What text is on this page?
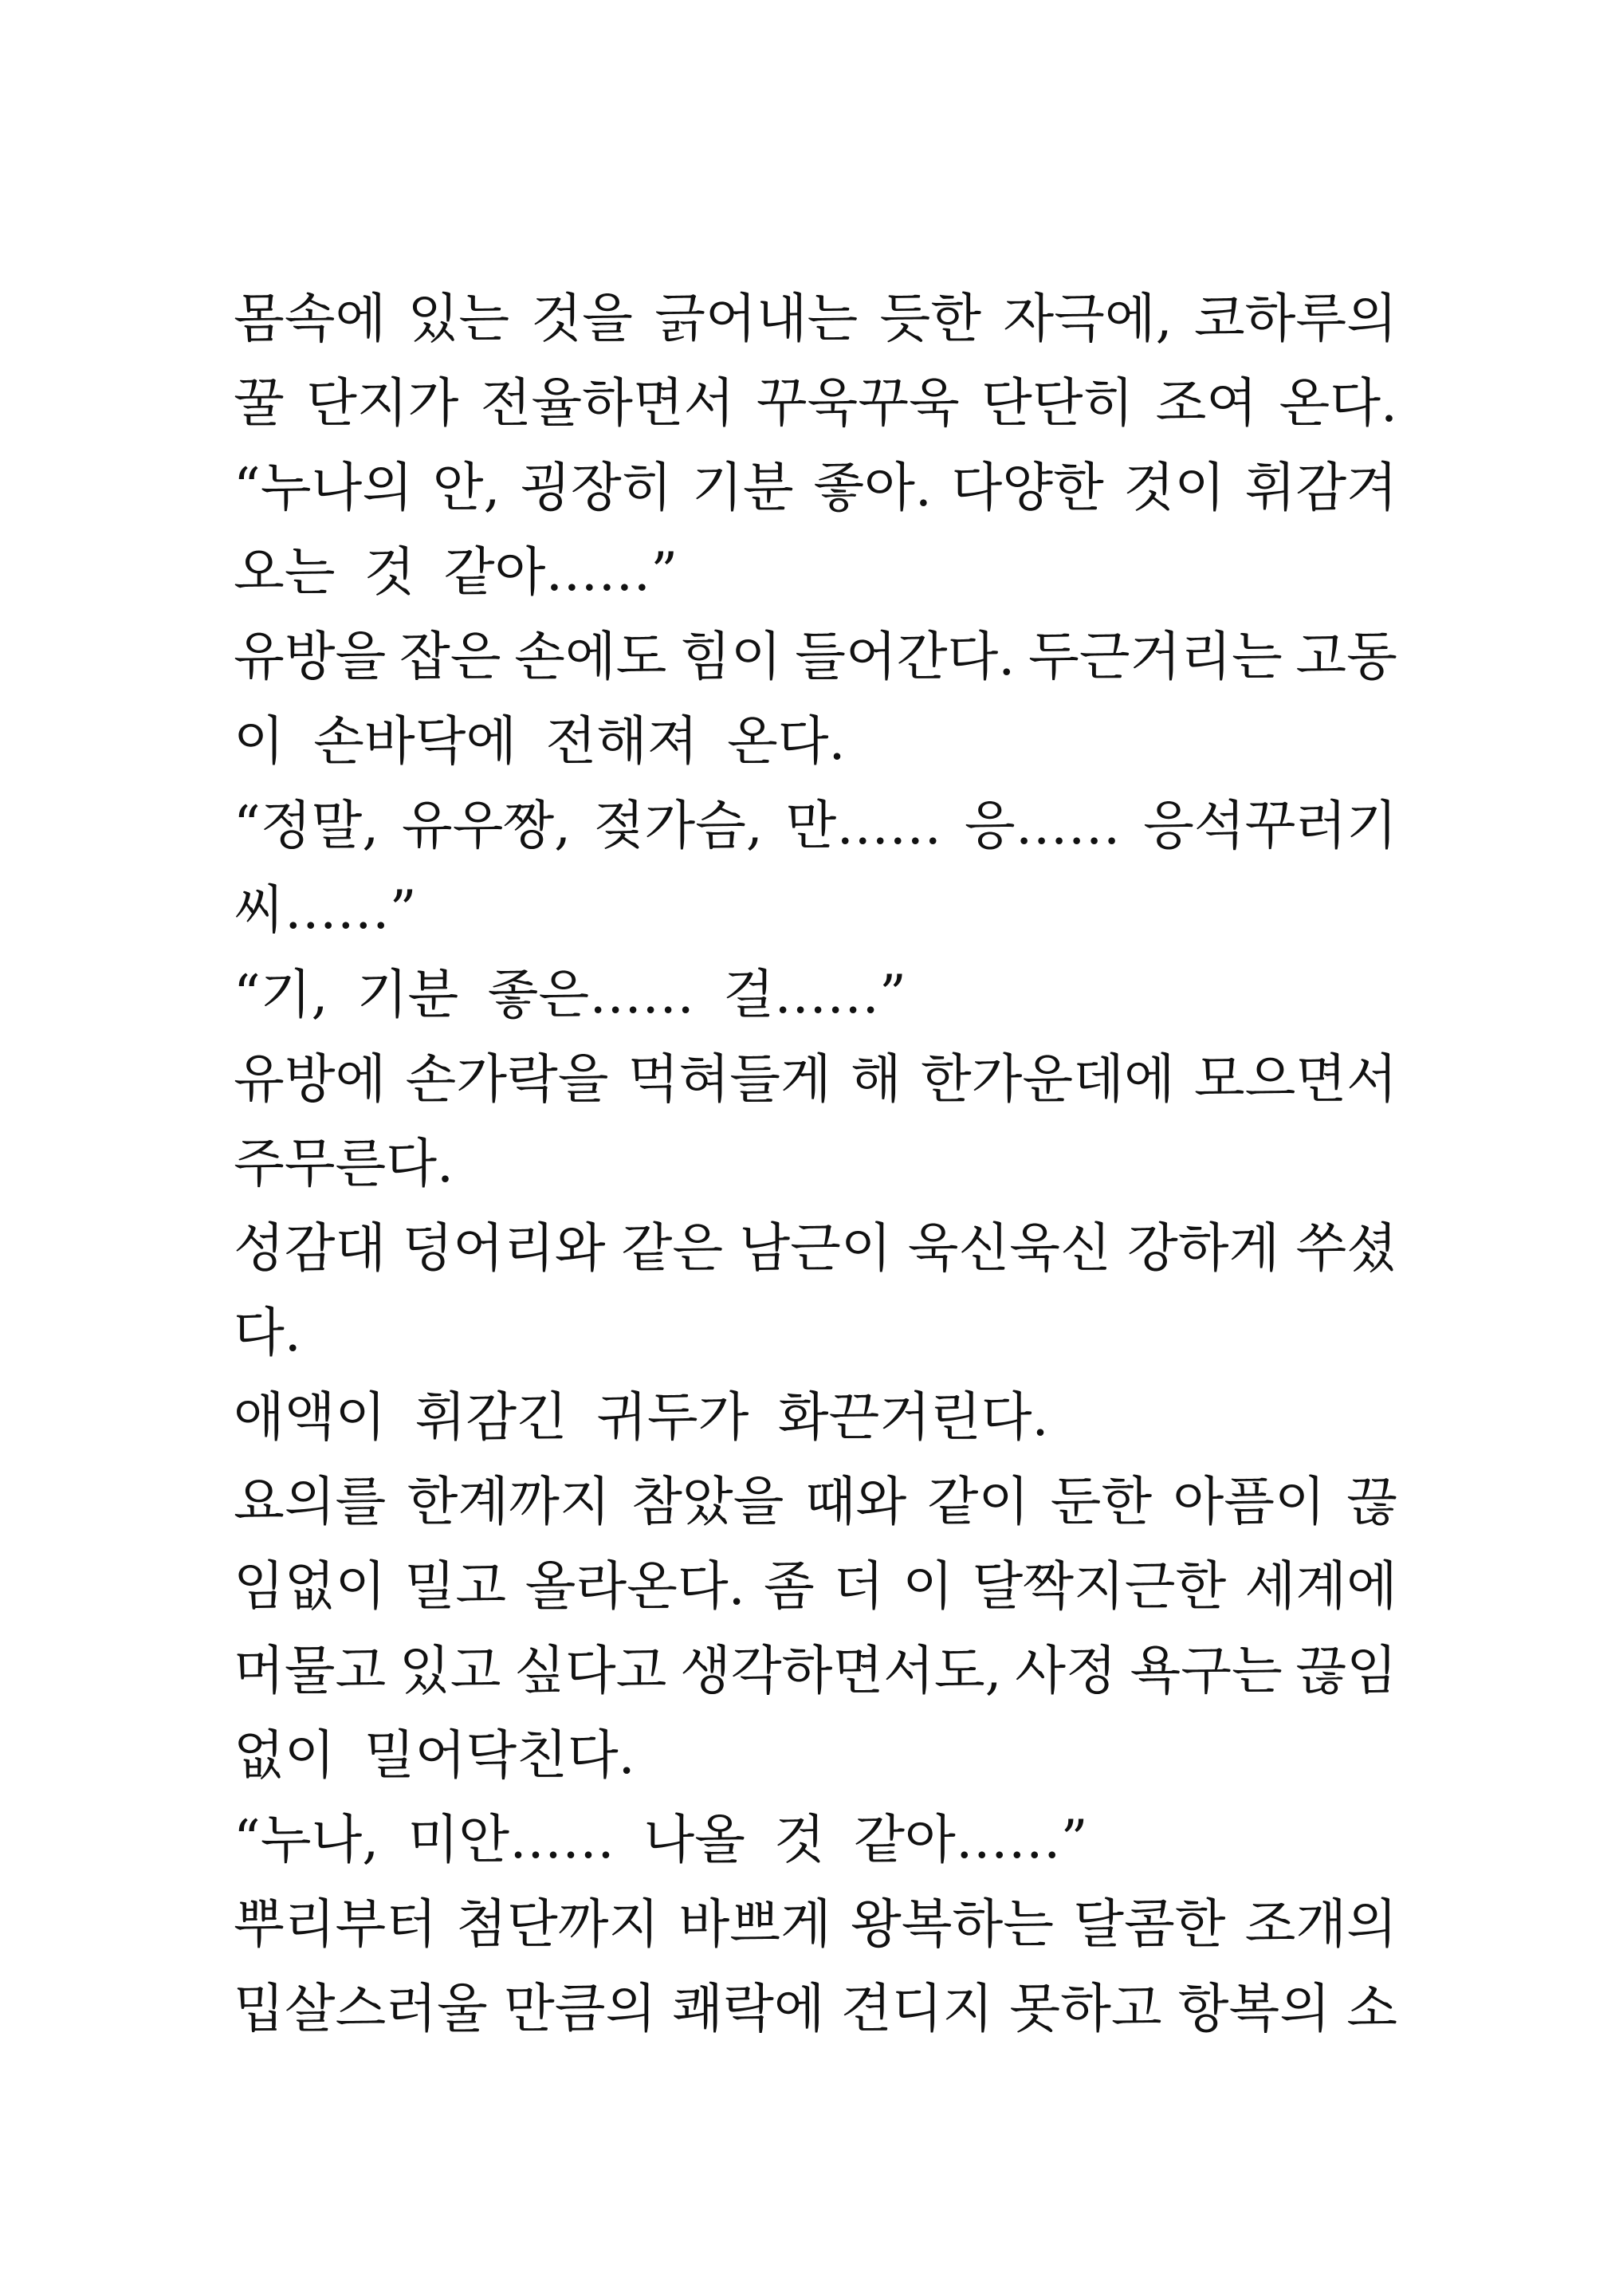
몸속에 있는 것을 긁어내는 듯한 자극에, 코하루의
꿀 단지가 전율하면서 꾸욱꾸욱 단단히 조여 온다.
“누나의 안, 굉장히 기분 좋아. 다양한 것이 휘감겨
오는 것 같아……”
유방을 잡은 손에도 힘이 들어간다. 두근거리는 고동
이 손바닥에 전해져 온다.
“정말, 유우짱, 젖가슴, 만…… 응…… 응석꾸러기
씨……”
“기, 기분 좋은…… 걸……”
유방에 손가락을 먹혀들게 해 한가운데에 모으면서
주무른다.
성감대 덩어리와 같은 남근이 욱신욱신 강하게 쑤셨
다.
애액이 휘감긴 귀두가 화끈거린다.
요의를 한계까지 참았을 때와 같이 둔한 아픔이 끊
임없이 밀고 올라온다. 좀 더 이 달짝지근한 세계에
머물고 있고 싶다고 생각하면서도, 사정 욕구는 끊임
없이 밀어닥친다.
“누나, 미안…… 나올 것 같아……”
뿌리부터 첨단까지 바쁘게 왕복하는 달콤한 조개의
밉살스러울 만큼의 쾌락에 견디지 못하고 항복의 소
